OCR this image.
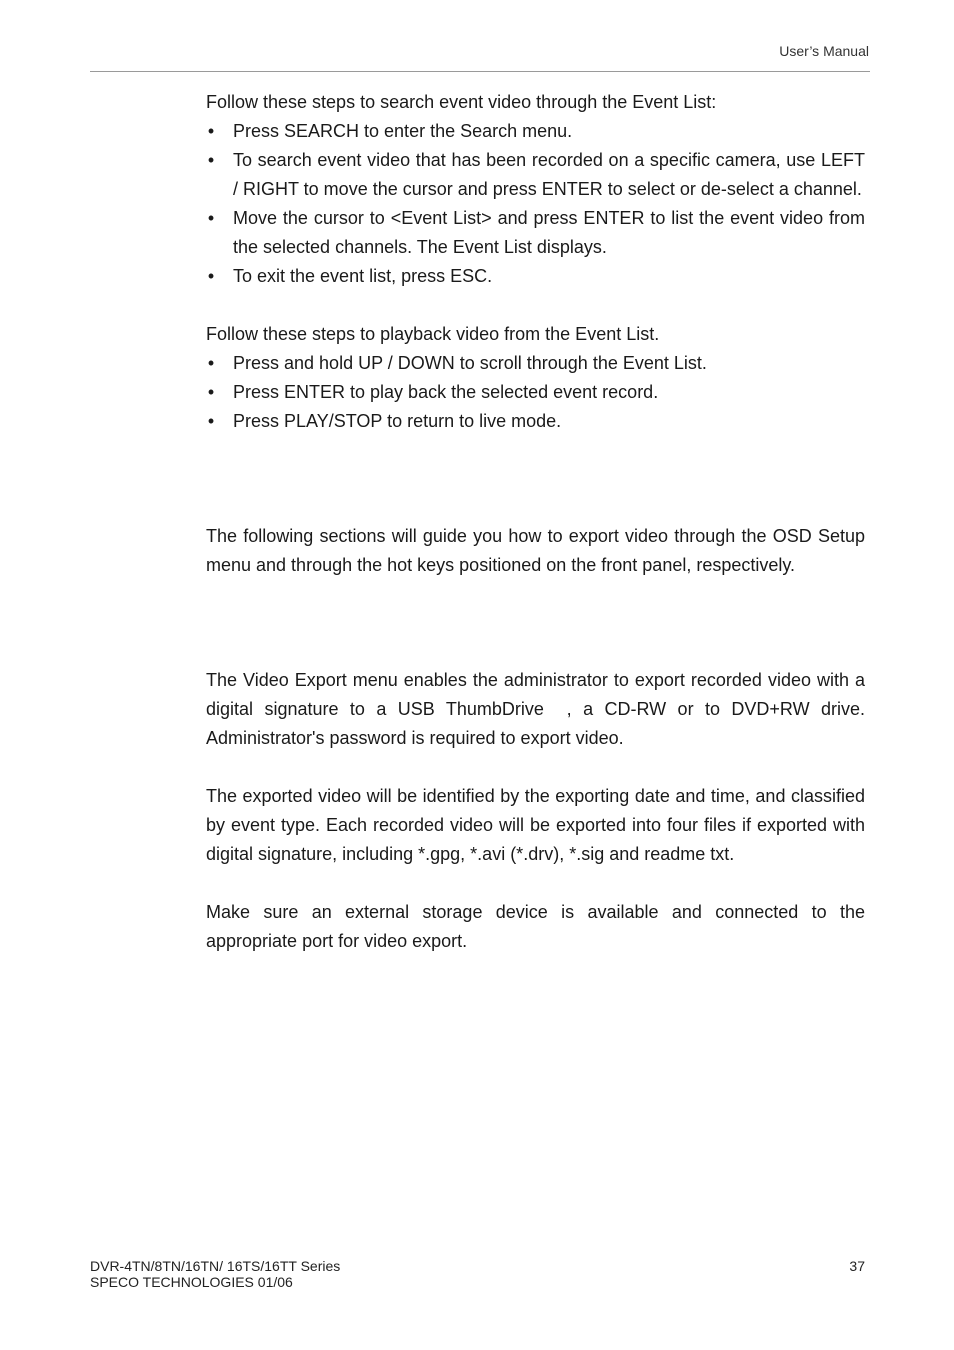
User’s Manual

Follow these steps to search event video through the Event List:

• Press SEARCH to enter the Search menu.
• To search event video that has been recorded on a specific camera, use LEFT / RIGHT to move the cursor and press ENTER to select or de-select a channel.
• Move the cursor to <Event List> and press ENTER to list the event video from the selected channels. The Event List displays.
• To exit the event list, press ESC.

Follow these steps to playback video from the Event List.

• Press and hold UP / DOWN to scroll through the Event List.
• Press ENTER to play back the selected event record.
• Press PLAY/STOP to return to live mode.

The following sections will guide you how to export video through the OSD Setup menu and through the hot keys positioned on the front panel, respectively.

The Video Export menu enables the administrator to export recorded video with a digital signature to a USB ThumbDrive  , a CD-RW or to DVD+RW drive. Administrator's password is required to export video.

The exported video will be identified by the exporting date and time, and classified by event type. Each recorded video will be exported into four files if exported with digital signature, including *.gpg, *.avi (*.drv), *.sig and readme txt.

Make sure an external storage device is available and connected to the appropriate port for video export.

DVR-4TN/8TN/16TN/ 16TS/16TT Series
SPECO TECHNOLOGIES 01/06
37
